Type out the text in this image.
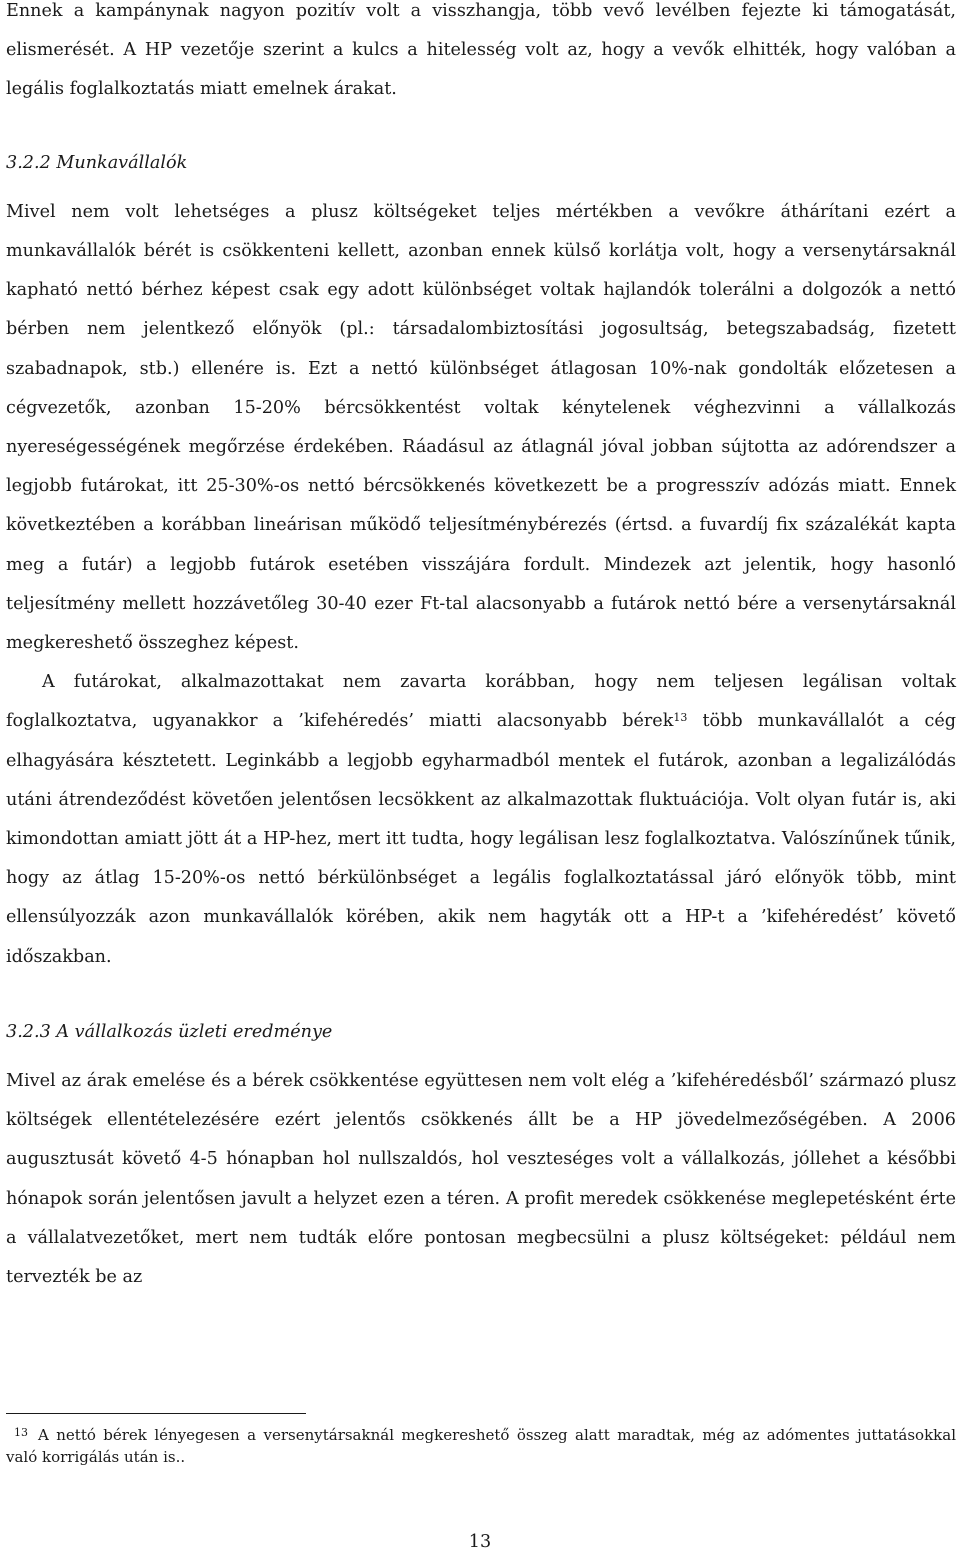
Ennek a kampánynak nagyon pozitív volt a visszhangja, több vevő levélben fejezte ki támogatását, elismerését. A HP vezetője szerint a kulcs a hitelesség volt az, hogy a vevők elhitték, hogy valóban a legális foglalkoztatás miatt emelnek árakat.

3.2.2 Munkavállalók

Mivel nem volt lehetséges a plusz költségeket teljes mértékben a vevőkre áthárítani ezért a munkavállalók bérét is csökkenteni kellett, azonban ennek külső korlátja volt, hogy a versenytársaknál kapható nettó bérhez képest csak egy adott különbséget voltak hajlandók tolerálni a dolgozók a nettó bérben nem jelentkező előnyök (pl.: társadalombiztosítási jogosultság, betegszabadság, fizetett szabadnapok, stb.) ellenére is. Ezt a nettó különbséget átlagosan 10%-nak gondolták előzetesen a cégvezetők, azonban 15-20% bércsökkentést voltak kénytelenek véghezvinni a vállalkozás nyereségességének megőrzése érdekében. Ráadásul az átlagnál jóval jobban sújtotta az adórendszer a legjobb futárokat, itt 25-30%-os nettó bércsökkenés következett be a progresszív adózás miatt. Ennek következtében a korábban lineárisan működő teljesítménybérezés (értsd. a fuvardíj fix százalékát kapta meg a futár) a legjobb futárok esetében visszájára fordult. Mindezek azt jelentik, hogy hasonló teljesítmény mellett hozzávetőleg 30-40 ezer Ft-tal alacsonyabb a futárok nettó bére a versenytársaknál megkereshető összeghez képest.

A futárokat, alkalmazottakat nem zavarta korábban, hogy nem teljesen legálisan voltak foglalkoztatva, ugyanakkor a ’kifehéredés’ miatti alacsonyabb bérek$^{13}$ több munkavállalót a cég elhagyására késztetett. Leginkább a legjobb egyharmadból mentek el futárok, azonban a legalizálódás utáni átrendeződést követően jelentősen lecsökkent az alkalmazottak fluktuációja. Volt olyan futár is, aki kimondottan amiatt jött át a HP-hez, mert itt tudta, hogy legálisan lesz foglalkoztatva. Valószínűnek tűnik, hogy az átlag 15-20%-os nettó bérkülönbséget a legális foglalkoztatással járó előnyök több, mint ellensúlyozzák azon munkavállalók körében, akik nem hagyták ott a HP-t a ’kifehéredést’ követő időszakban.

3.2.3 A vállalkozás üzleti eredménye

Mivel az árak emelése és a bérek csökkentése együttesen nem volt elég a ’kifehéredésből’ származó plusz költségek ellentételezésére ezért jelentős csökkenés állt be a HP jövedelmezőségében. A 2006 augusztusát követő 4-5 hónapban hol nullszaldós, hol veszteséges volt a vállalkozás, jóllehet a későbbi hónapok során jelentősen javult a helyzet ezen a téren. A profit meredek csökkenése meglepetésként érte a vállalatvezetőket, mert nem tudták előre pontosan megbecsülni a plusz költségeket: például nem tervezték be az

$^{13}$ A nettó bérek lényegesen a versenytársaknál megkereshető összeg alatt maradtak, még az adómentes juttatásokkal való korrigálás után is..

13
